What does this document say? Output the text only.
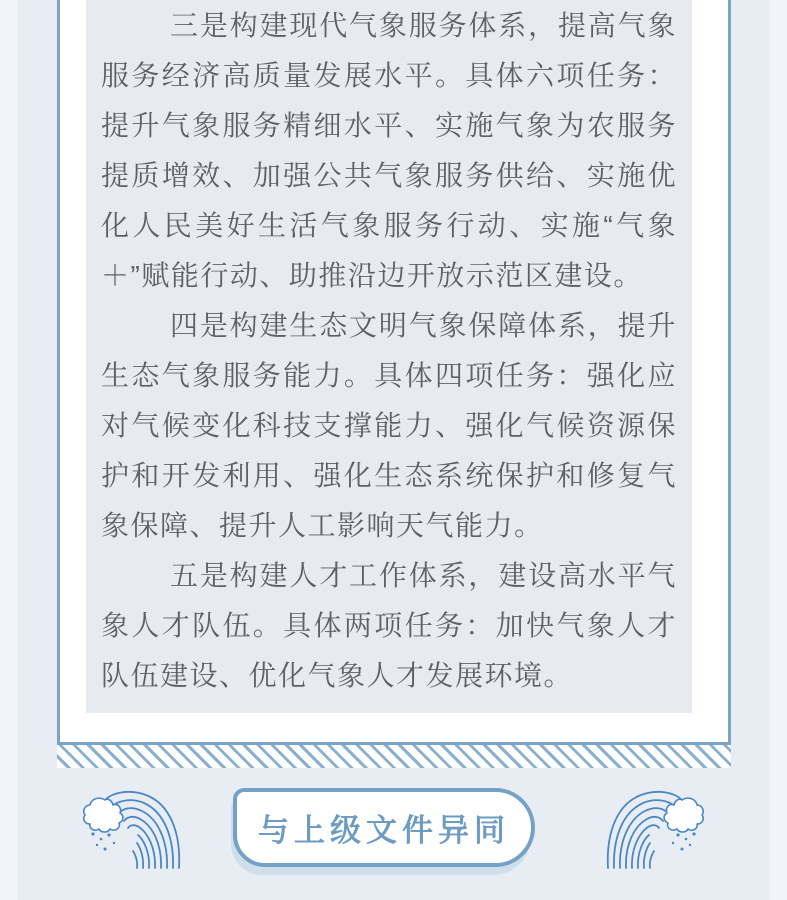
三是构建现代气象服务体系，提高气象服务经济高质量发展水平。具体六项任务：提升气象服务精细水平、实施气象为农服务提质增效、加强公共气象服务供给、实施优化人民美好生活气象服务行动、实施“气象＋”赋能行动、助推沿边开放示范区建设。

四是构建生态文明气象保障体系，提升生态气象服务能力。具体四项任务：强化应对气候变化科技支撑能力、强化气候资源保护和开发利用、强化生态系统保护和修复气象保障、提升人工影响天气能力。

五是构建人才工作体系，建设高水平气象人才队伍。具体两项任务：加快气象人才队伍建设、优化气象人才发展环境。

与上级文件异同
